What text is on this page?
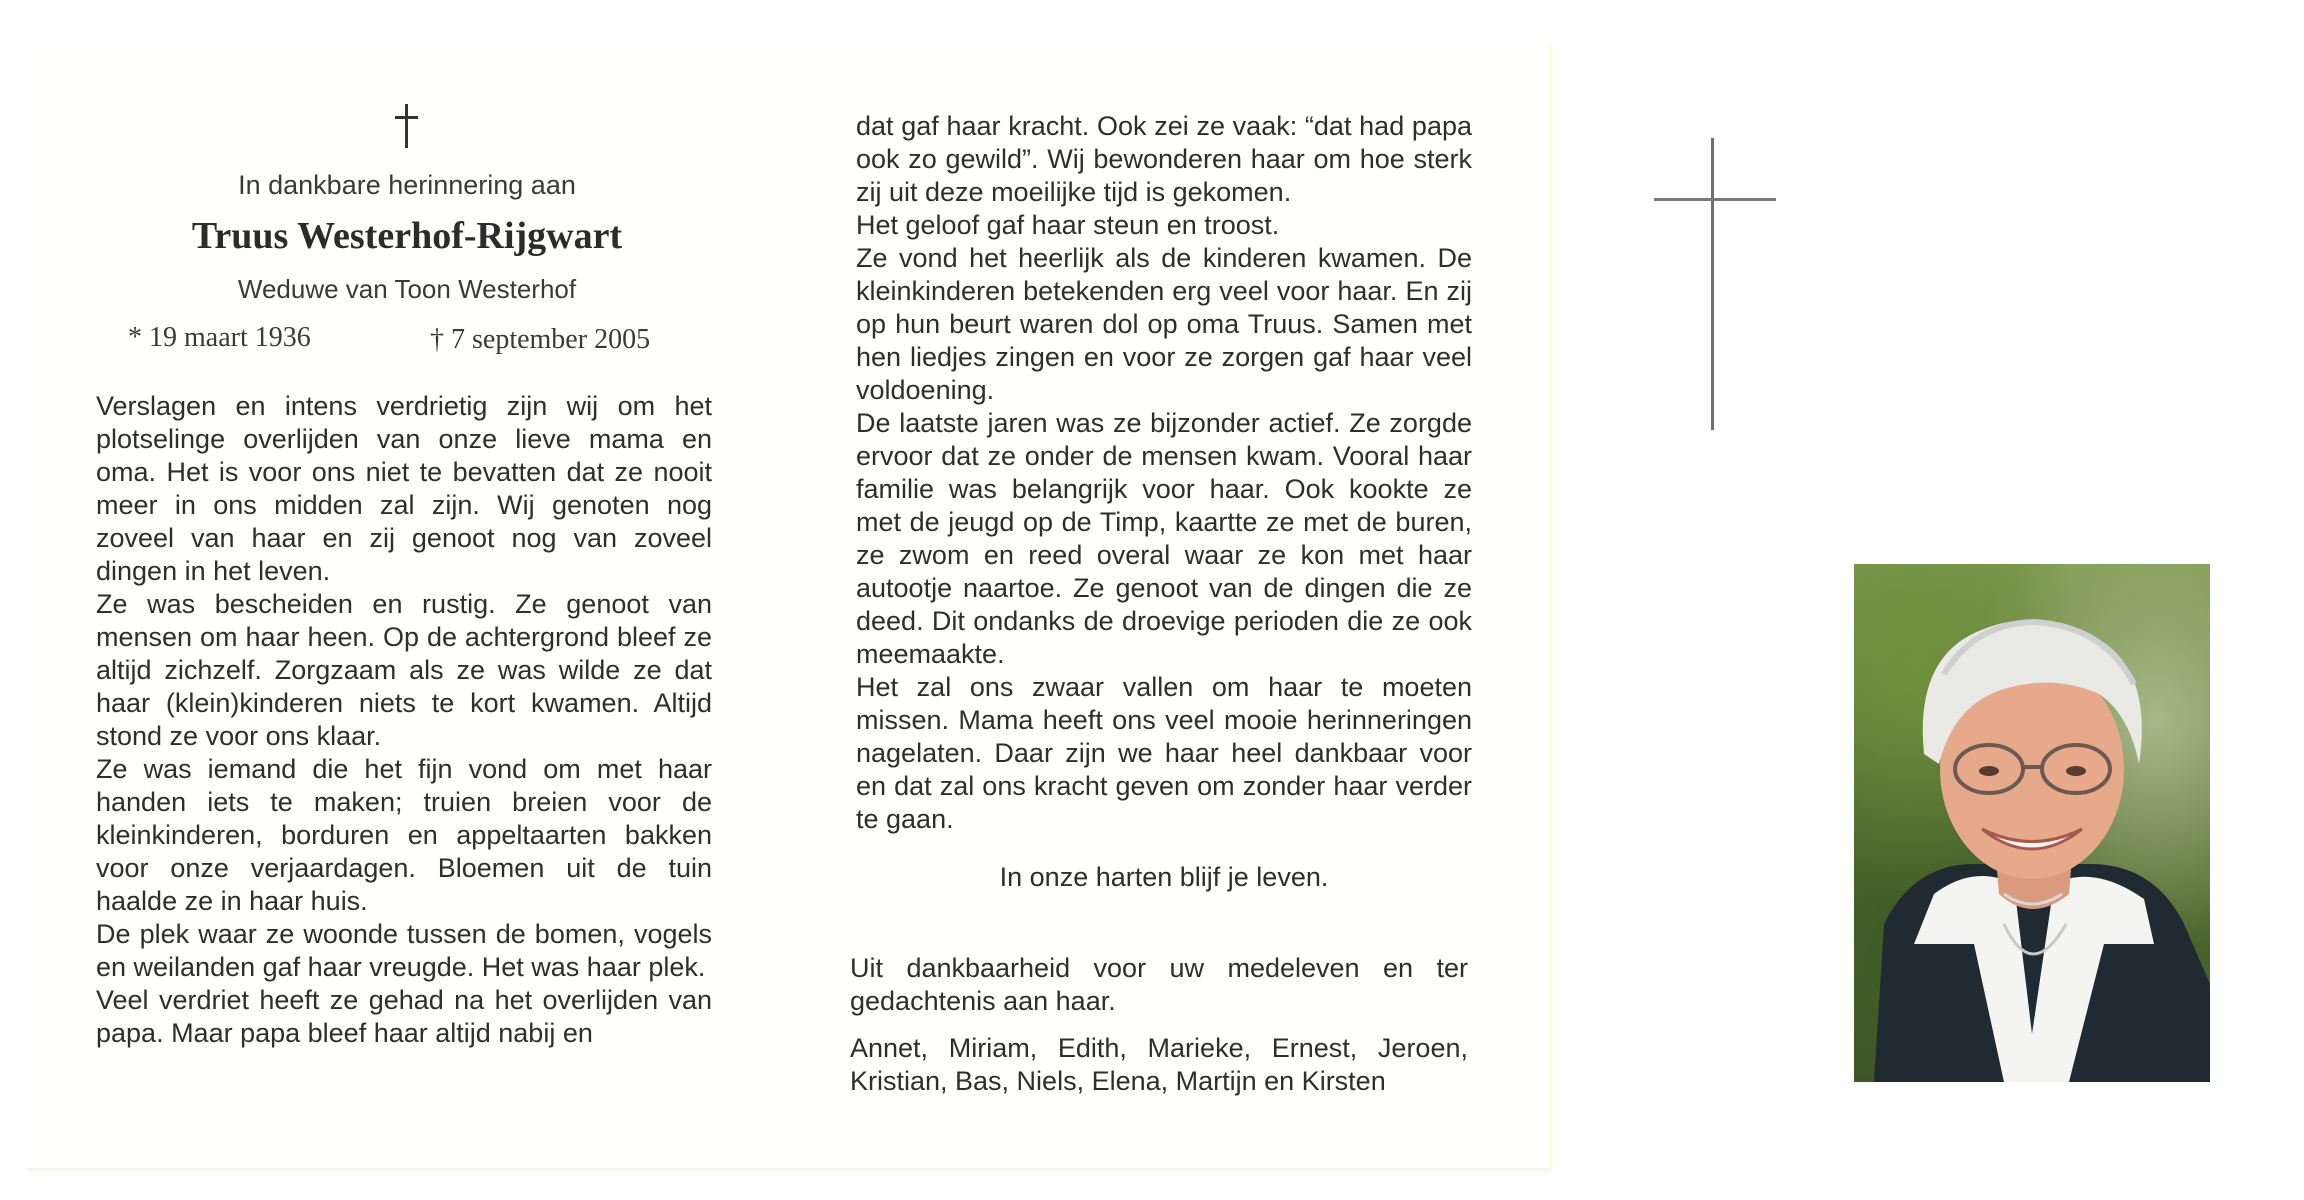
In dankbare herinnering aan
Truus Westerhof-Rijgwart
Weduwe van Toon Westerhof
* 19 maart 1936	† 7 september 2005

Verslagen en intens verdrietig zijn wij om het plotselinge overlijden van onze lieve mama en oma. Het is voor ons niet te bevatten dat ze nooit meer in ons midden zal zijn. Wij genoten nog zoveel van haar en zij genoot nog van zoveel dingen in het leven.

Ze was bescheiden en rustig. Ze genoot van mensen om haar heen. Op de achtergrond bleef ze altijd zichzelf. Zorgzaam als ze was wilde ze dat haar (klein)kinderen niets te kort kwamen. Altijd stond ze voor ons klaar.

Ze was iemand die het fijn vond om met haar handen iets te maken; truien breien voor de kleinkinderen, borduren en appeltaarten bakken voor onze verjaardagen. Bloemen uit de tuin haalde ze in haar huis.

De plek waar ze woonde tussen de bomen, vogels en weilanden gaf haar vreugde. Het was haar plek.

Veel verdriet heeft ze gehad na het overlijden van papa. Maar papa bleef haar altijd nabij en

dat gaf haar kracht. Ook zei ze vaak: “dat had papa ook zo gewild”. Wij bewonderen haar om hoe sterk zij uit deze moeilijke tijd is gekomen.

Het geloof gaf haar steun en troost.

Ze vond het heerlijk als de kinderen kwamen. De kleinkinderen betekenden erg veel voor haar. En zij op hun beurt waren dol op oma Truus. Samen met hen liedjes zingen en voor ze zorgen gaf haar veel voldoening.

De laatste jaren was ze bijzonder actief. Ze zorgde ervoor dat ze onder de mensen kwam. Vooral haar familie was belangrijk voor haar. Ook kookte ze met de jeugd op de Timp, kaartte ze met de buren, ze zwom en reed overal waar ze kon met haar autootje naartoe. Ze genoot van de dingen die ze deed. Dit ondanks de droevige perioden die ze ook meemaakte.

Het zal ons zwaar vallen om haar te moeten missen. Mama heeft ons veel mooie herinneringen nagelaten. Daar zijn we haar heel dankbaar voor en dat zal ons kracht geven om zonder haar verder te gaan.

In onze harten blijf je leven.
Uit dankbaarheid voor uw medeleven en ter gedachtenis aan haar.
Annet, Miriam, Edith, Marieke, Ernest, Jeroen, Kristian, Bas, Niels, Elena, Martijn en Kirsten
